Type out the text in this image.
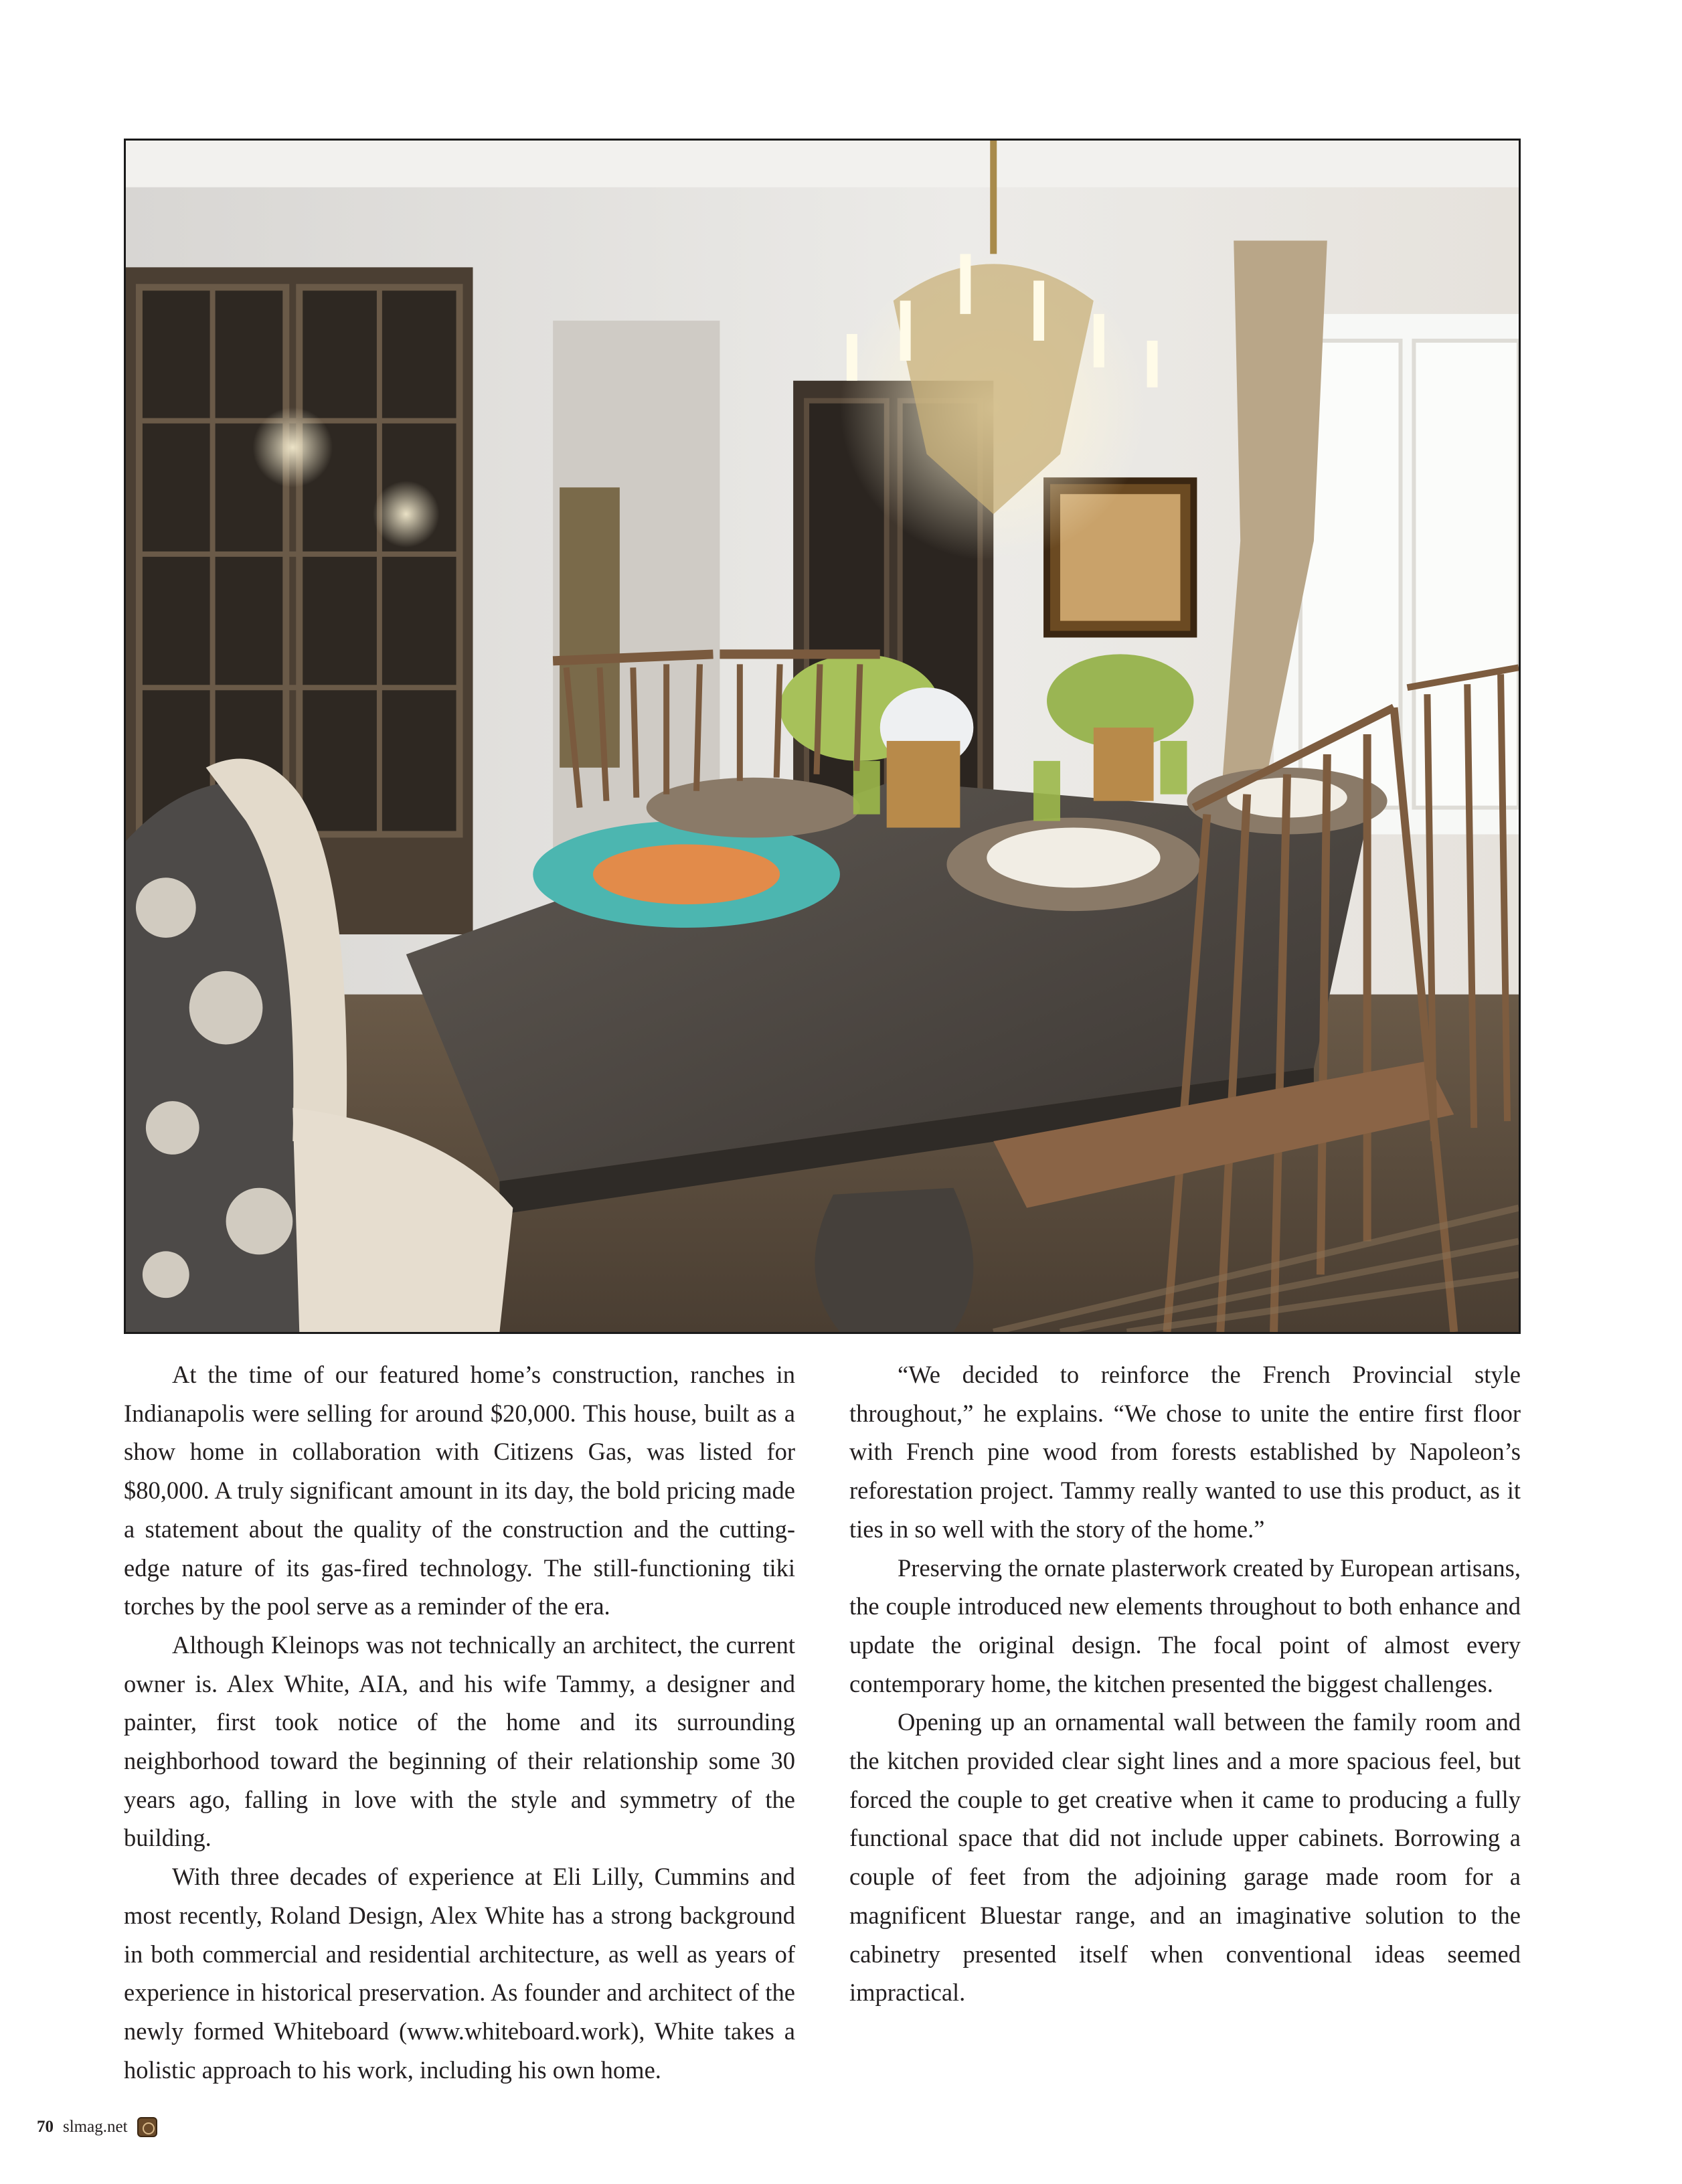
At the time of our featured home’s construction, ranches in Indianapolis were selling for around $20,000. This house, built as a show home in collaboration with Citizens Gas, was listed for $80,000. A truly significant amount in its day, the bold pricing made a statement about the quality of the construction and the cutting-edge nature of its gas-fired technology. The still-functioning tiki torches by the pool serve as a reminder of the era.

Although Kleinops was not technically an architect, the current owner is. Alex White, AIA, and his wife Tammy, a designer and painter, first took notice of the home and its surrounding neighborhood toward the beginning of their relationship some 30 years ago, falling in love with the style and symmetry of the building.

With three decades of experience at Eli Lilly, Cummins and most recently, Roland Design, Alex White has a strong background in both commercial and residential architecture, as well as years of experience in historical preservation. As founder and architect of the newly formed Whiteboard (www.whiteboard.work), White takes a holistic approach to his work, including his own home.

“We decided to reinforce the French Provincial style throughout,” he explains. “We chose to unite the entire first floor with French pine wood from forests established by Napoleon’s reforestation project. Tammy really wanted to use this product, as it ties in so well with the story of the home.”

Preserving the ornate plasterwork created by European artisans, the couple introduced new elements throughout to both enhance and update the original design. The focal point of almost every contemporary home, the kitchen presented the biggest challenges.

Opening up an ornamental wall between the family room and the kitchen provided clear sight lines and a more spacious feel, but forced the couple to get creative when it came to producing a fully functional space that did not include upper cabinets. Borrowing a couple of feet from the adjoining garage made room for a magnificent Bluestar range, and an imaginative solution to the cabinetry presented itself when conventional ideas seemed impractical.

70 slmag.net
